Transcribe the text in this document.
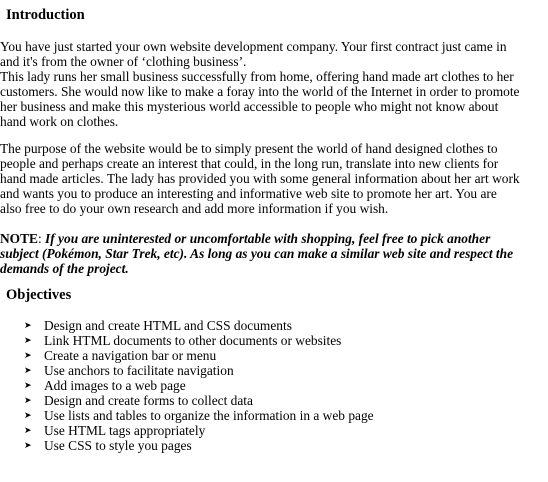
Introduction
You have just started your own website development company. Your first contract just came in
and it's from the owner of ‘clothing business’.
This lady runs her small business successfully from home, offering hand made art clothes to her
customers. She would now like to make a foray into the world of the Internet in order to promote
her business and make this mysterious world accessible to people who might not know about
hand work on clothes.
The purpose of the website would be to simply present the world of hand designed clothes to
people and perhaps create an interest that could, in the long run, translate into new clients for
hand made articles. The lady has provided you with some general information about her art work
and wants you to produce an interesting and informative web site to promote her art. You are
also free to do your own research and add more information if you wish.
NOTE: If you are uninterested or uncomfortable with shopping, feel free to pick another
subject (Pokémon, Star Trek, etc). As long as you can make a similar web site and respect the
demands of the project.
Objectives
➤ Design and create HTML and CSS documents
➤ Link HTML documents to other documents or websites
➤ Create a navigation bar or menu
➤ Use anchors to facilitate navigation
➤ Add images to a web page
➤ Design and create forms to collect data
➤ Use lists and tables to organize the information in a web page
➤ Use HTML tags appropriately
➤ Use CSS to style you pages
